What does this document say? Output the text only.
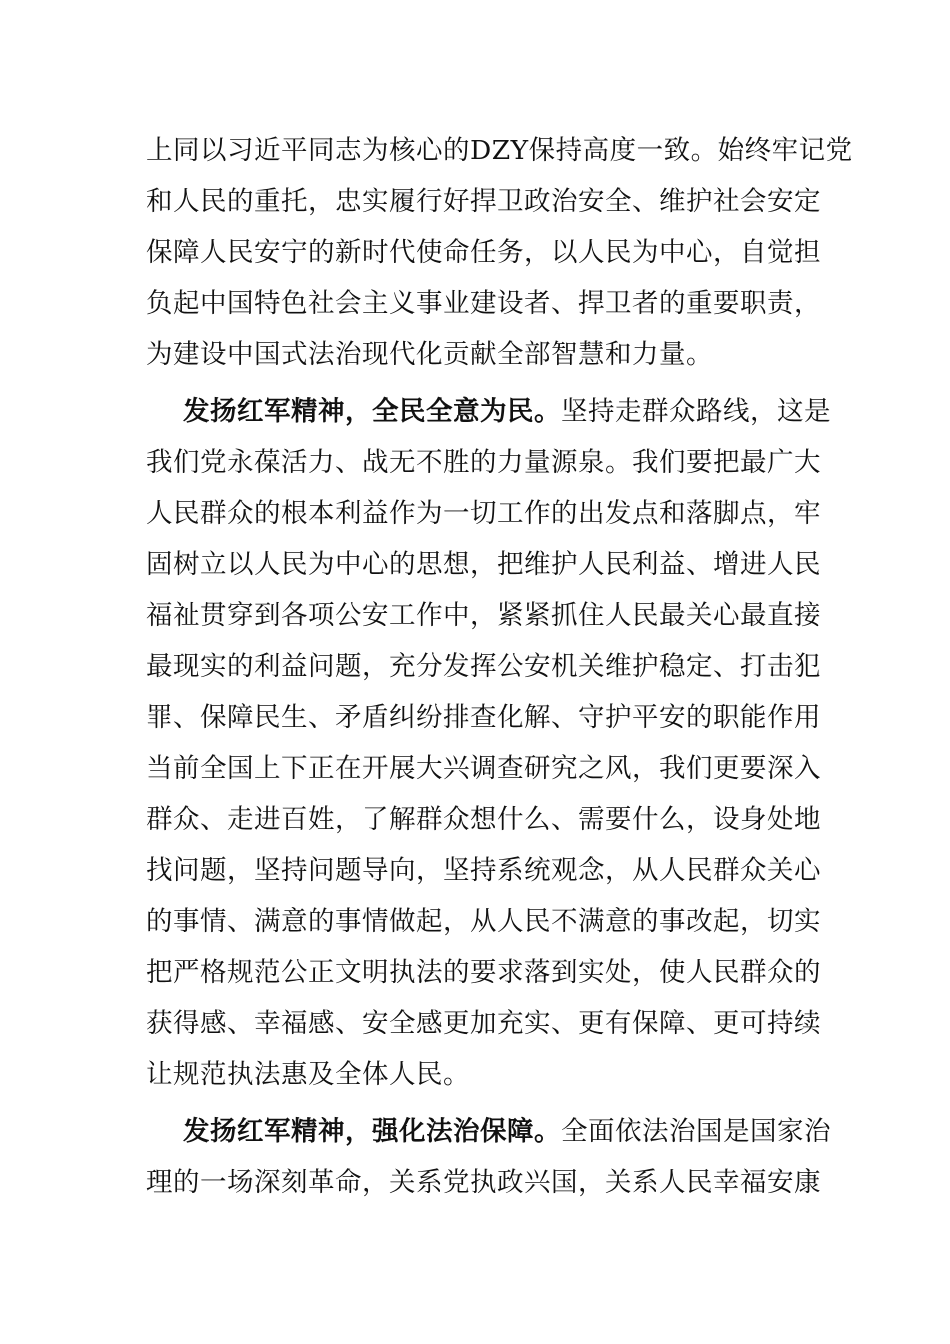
上同以习近平同志为核心的DZY保持高度一致。始终牢记党
和人民的重托，忠实履行好捍卫政治安全、维护社会安定
保障人民安宁的新时代使命任务，以人民为中心，自觉担
负起中国特色社会主义事业建设者、捍卫者的重要职责，
为建设中国式法治现代化贡献全部智慧和力量。
发扬红军精神，全民全意为民。坚持走群众路线，这是
我们党永葆活力、战无不胜的力量源泉。我们要把最广大
人民群众的根本利益作为一切工作的出发点和落脚点，牢
固树立以人民为中心的思想，把维护人民利益、增进人民
福祉贯穿到各项公安工作中，紧紧抓住人民最关心最直接
最现实的利益问题，充分发挥公安机关维护稳定、打击犯
罪、保障民生、矛盾纠纷排查化解、守护平安的职能作用
当前全国上下正在开展大兴调查研究之风，我们更要深入
群众、走进百姓，了解群众想什么、需要什么，设身处地
找问题，坚持问题导向，坚持系统观念，从人民群众关心
的事情、满意的事情做起，从人民不满意的事改起，切实
把严格规范公正文明执法的要求落到实处，使人民群众的
获得感、幸福感、安全感更加充实、更有保障、更可持续
让规范执法惠及全体人民。
发扬红军精神，强化法治保障。全面依法治国是国家治
理的一场深刻革命，关系党执政兴国，关系人民幸福安康
